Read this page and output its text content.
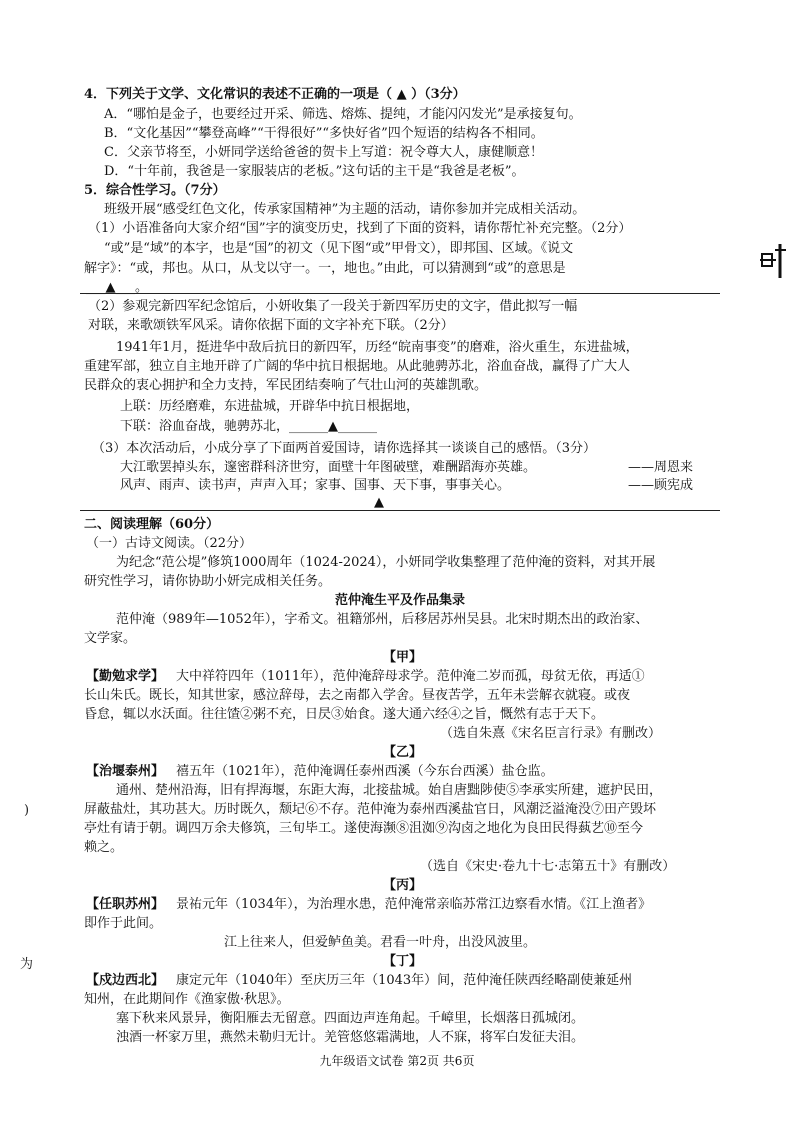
4．下列关于文学、文化常识的表述不正确的一项是（ ▲ ）（3分）
A．“哪怕是金子，也要经过开采、筛选、熔炼、提纯，才能闪闪发光”是承接复句。
B．“文化基因”“攀登高峰”“干得很好”“多快好省”四个短语的结构各不相同。
C．父亲节将至，小妍同学送给爸爸的贺卡上写道：祝令尊大人，康健顺意！
D．“十年前，我爸是一家服装店的老板。”这句话的主干是“我爸是老板”。
5．综合性学习。（7分）
班级开展“感受红色文化，传承家国精神”为主题的活动，请你参加并完成相关活动。
（1）小语准备向大家介绍“国”字的演变历史，找到了下面的资料，请你帮忙补充完整。（2分）
“或”是“域”的本字，也是“国”的初文（见下图“或”甲骨文），即邦国、区域。《说文
解字》：“或，邦也。从口，从戈以守一。一，地也。”由此，可以猜测到“或”的意思是
___▲___。
（2）参观完新四军纪念馆后，小妍收集了一段关于新四军历史的文字，借此拟写一幅
对联，来歌颂铁军风采。请你依据下面的文字补充下联。（2分）
1941年1月，挺进华中敌后抗日的新四军，历经“皖南事变”的磨难，浴火重生，东进盐城，
重建军部，独立自主地开辟了广阔的华中抗日根据地。从此驰骋苏北，浴血奋战，赢得了广大人
民群众的衷心拥护和全力支持，军民团结奏响了气壮山河的英雄凯歌。
上联：历经磨难，东进盐城，开辟华中抗日根据地，
下联：浴血奋战，驰骋苏北，______▲______
（3）本次活动后，小成分享了下面两首爱国诗，请你选择其一谈谈自己的感悟。（3分）
大江歌罢掉头东，邃密群科济世穷，面壁十年图破壁，难酬蹈海亦英雄。	——周恩来
风声、雨声、读书声，声声入耳；家事、国事、天下事，事事关心。	——顾宪成
▲
二、阅读理解（60分）
（一）古诗文阅读。（22分）
为纪念“范公堤”修筑1000周年（1024-2024），小妍同学收集整理了范仲淹的资料，对其开展
研究性学习，请你协助小妍完成相关任务。
范仲淹生平及作品集录
范仲淹（989年—1052年），字希文。祖籍邠州，后移居苏州吴县。北宋时期杰出的政治家、
文学家。
【甲】
【勤勉求学】 大中祥符四年（1011年），范仲淹辞母求学。范仲淹二岁而孤，母贫无依，再适①
长山朱氏。既长，知其世家，感泣辞母，去之南都入学舍。昼夜苦学，五年未尝解衣就寝。或夜
昏怠，辄以水沃面。往往馇②粥不充，日昃③始食。遂大通六经④之旨，慨然有志于天下。
（选自朱熹《宋名臣言行录》有删改）
【乙】
【治堰泰州】 禧五年（1021年），范仲淹调任泰州西溪（今东台西溪）盐仓监。
通州、楚州沿海，旧有捍海堰，东距大海，北接盐城。始自唐黜陟使⑤李承实所建，遮护民田，
屏蔽盐灶，其功甚大。历时既久，颓圮⑥不存。范仲淹为泰州西溪盐官日，风潮泛溢淹没⑦田产毁坏
亭灶有请于朝。调四万余夫修筑，三旬毕工。遂使海濒⑧沮洳⑨沟卤之地化为良田民得蓺艺⑩至今
赖之。
（选自《宋史·卷九十七·志第五十》有删改）
【丙】
【任职苏州】 景祐元年（1034年），为治理水患，范仲淹常亲临苏常江边察看水情。《江上渔者》
即作于此间。
江上往来人，但爱鲈鱼美。君看一叶舟，出没风波里。
【丁】
【戍边西北】 康定元年（1040年）至庆历三年（1043年）间，范仲淹任陕西经略副使兼延州
知州，在此期间作《渔家傲·秋思》。
塞下秋来风景异，衡阳雁去无留意。四面边声连角起。千嶂里，长烟落日孤城闭。
浊酒一杯家万里，燕然未勒归无计。羌管悠悠霜满地，人不寐，将军白发征夫泪。
九年级语文试卷 第2页 共6页
)
为
